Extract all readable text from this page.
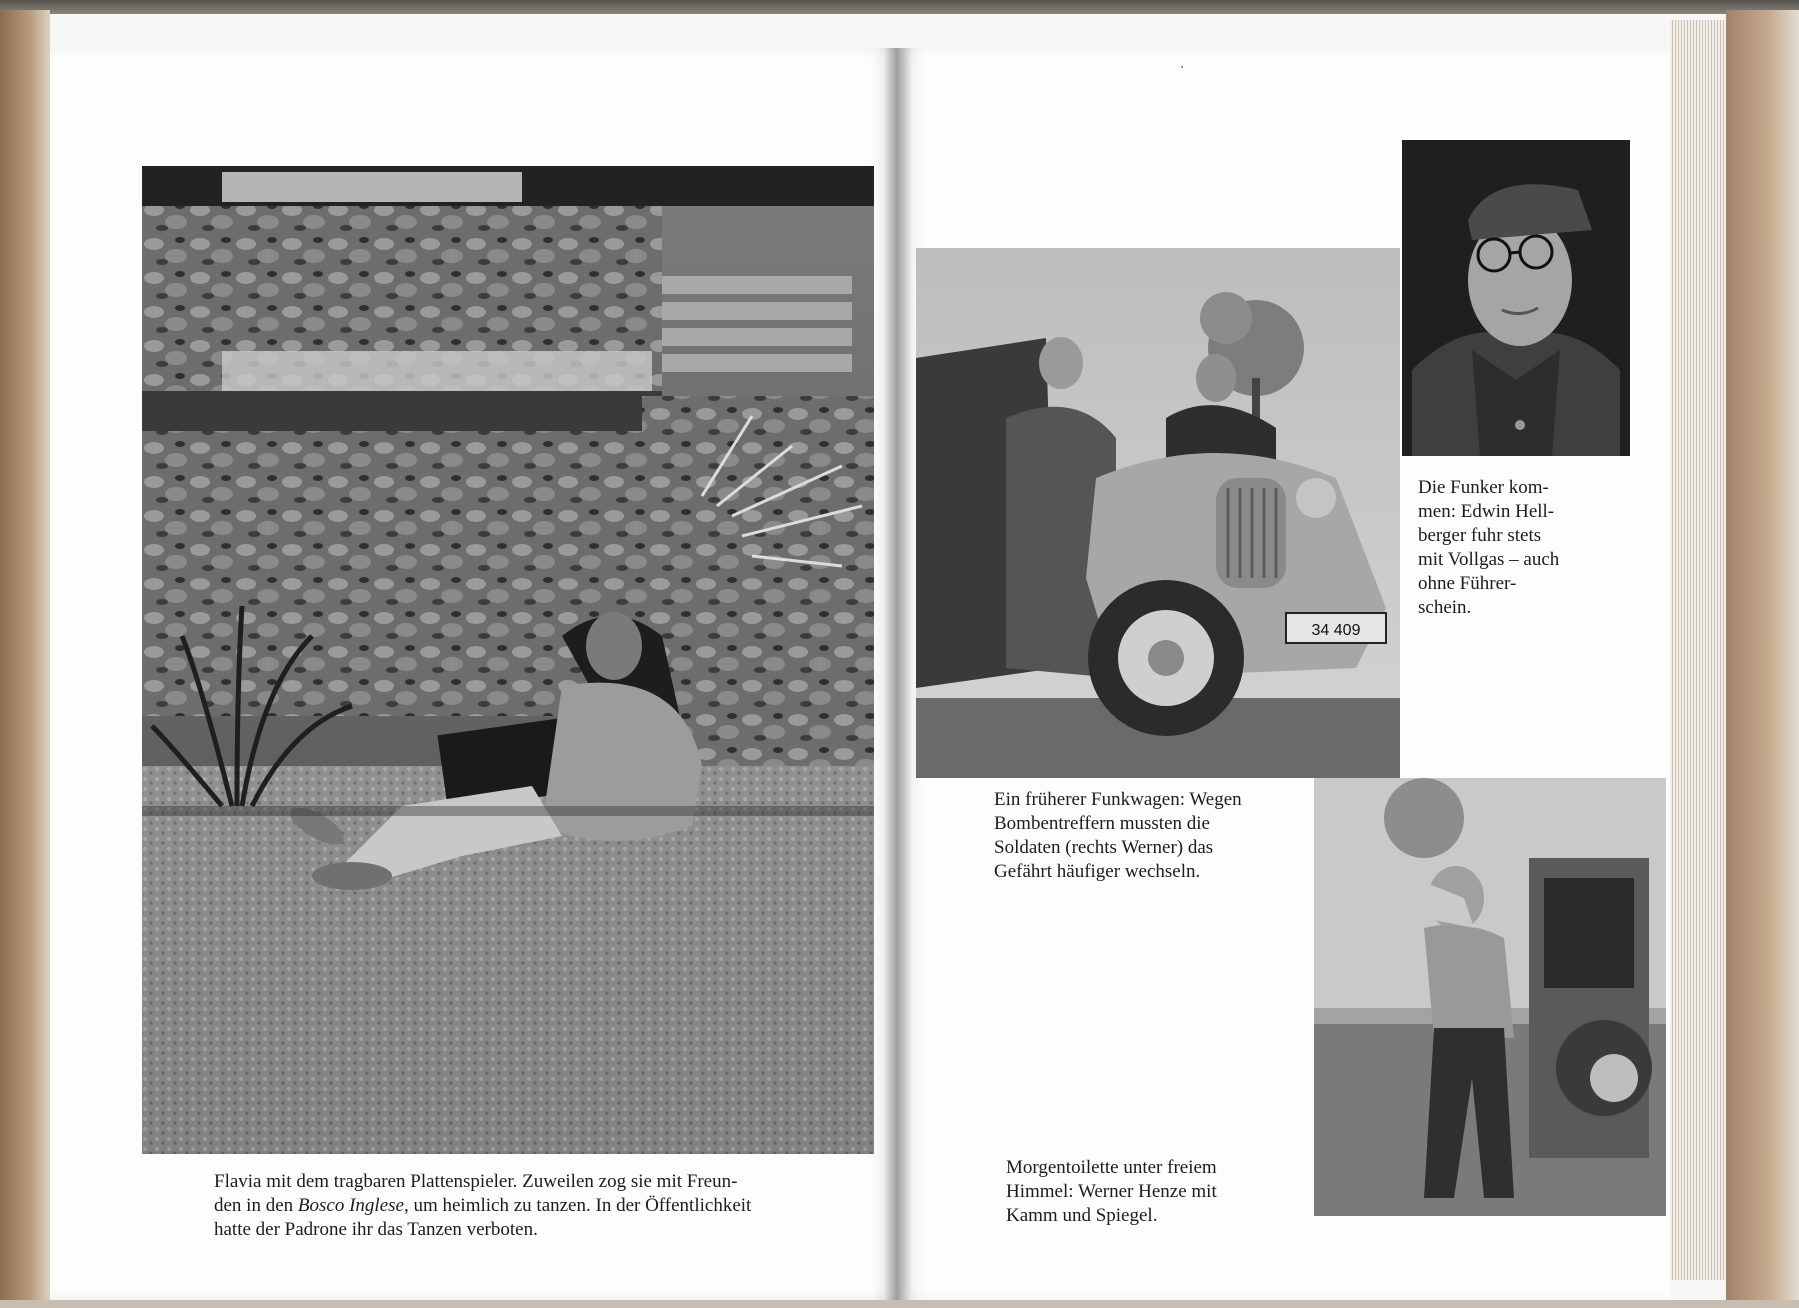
‧
34 409

Flavia mit dem tragbaren Plattenspieler. Zuweilen zog sie mit Freun-
den in den Bosco Inglese, um heimlich zu tanzen. In der Öffentlichkeit
hatte der Padrone ihr das Tanzen verboten.

Ein früherer Funkwagen: Wegen
Bombentreffern mussten die
Soldaten (rechts Werner) das
Gefährt häufiger wechseln.

Die Funker kom-
men: Edwin Hell-
berger fuhr stets
mit Vollgas – auch
ohne Führer-
schein.

Morgentoilette unter freiem
Himmel: Werner Henze mit
Kamm und Spiegel.
